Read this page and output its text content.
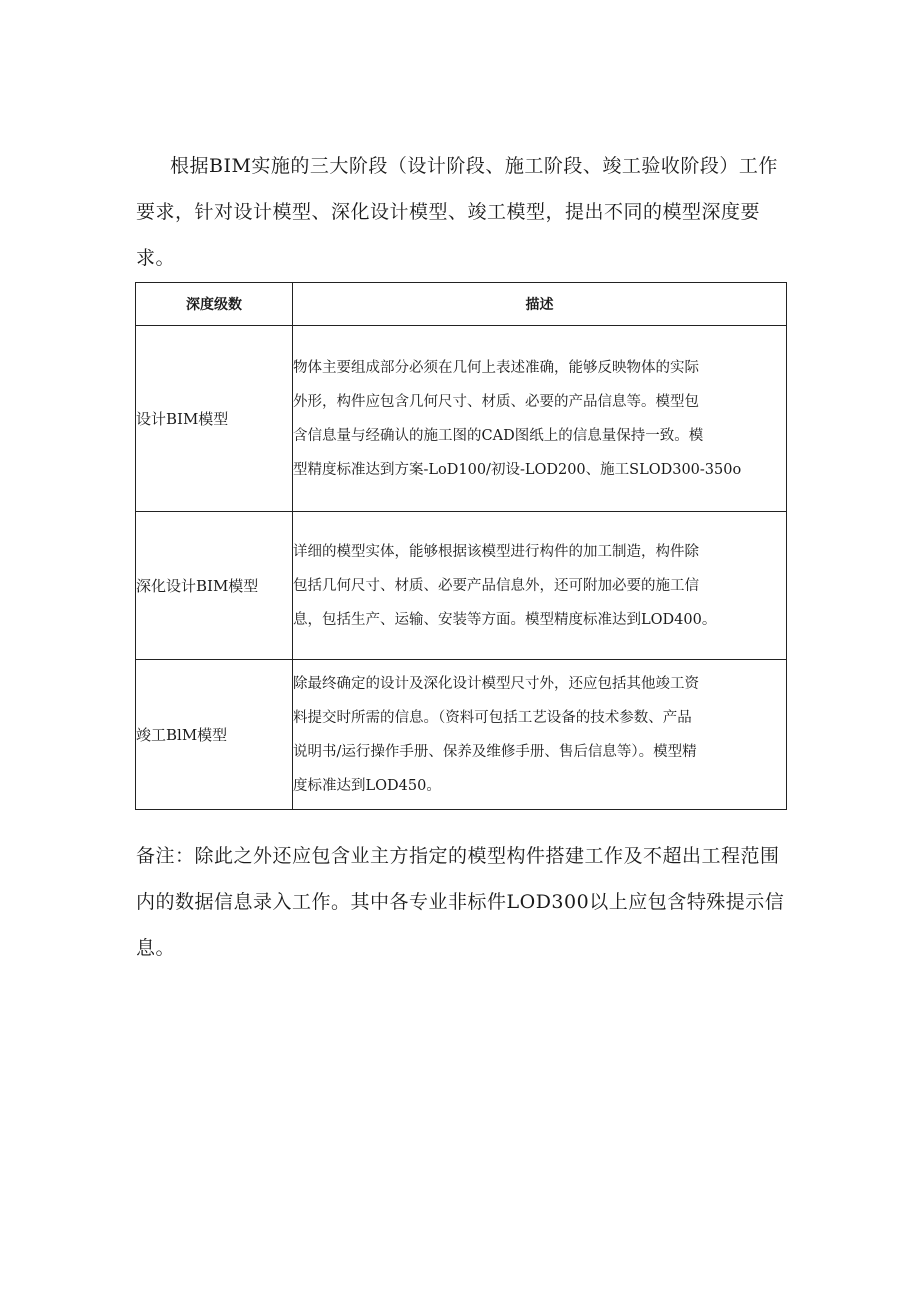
根据BIM实施的三大阶段（设计阶段、施工阶段、竣工验收阶段）工作要求，针对设计模型、深化设计模型、竣工模型，提出不同的模型深度要求。

深度级数	描述
设计BIM模型	物体主要组成部分必须在几何上表述准确，能够反映物体的实际
外形，构件应包含几何尺寸、材质、必要的产品信息等。模型包
含信息量与经确认的施工图的CAD图纸上的信息量保持一致。模
型精度标准达到方案-LoD100/初设-LOD200、施工SLOD300-350o

深化设计BIM模型	详细的模型实体，能够根据该模型进行构件的加工制造，构件除
包括几何尺寸、材质、必要产品信息外，还可附加必要的施工信
息，包括生产、运输、安装等方面。模型精度标准达到LOD400。

竣工BlM模型	除最终确定的设计及深化设计模型尺寸外，还应包括其他竣工资
料提交时所需的信息。（资料可包括工艺设备的技术参数、产品
说明书/运行操作手册、保养及维修手册、售后信息等）。模型精
度标准达到LOD450。

备注：除此之外还应包含业主方指定的模型构件搭建工作及不超出工程范围内的数据信息录入工作。其中各专业非标件LOD300以上应包含特殊提示信息。
